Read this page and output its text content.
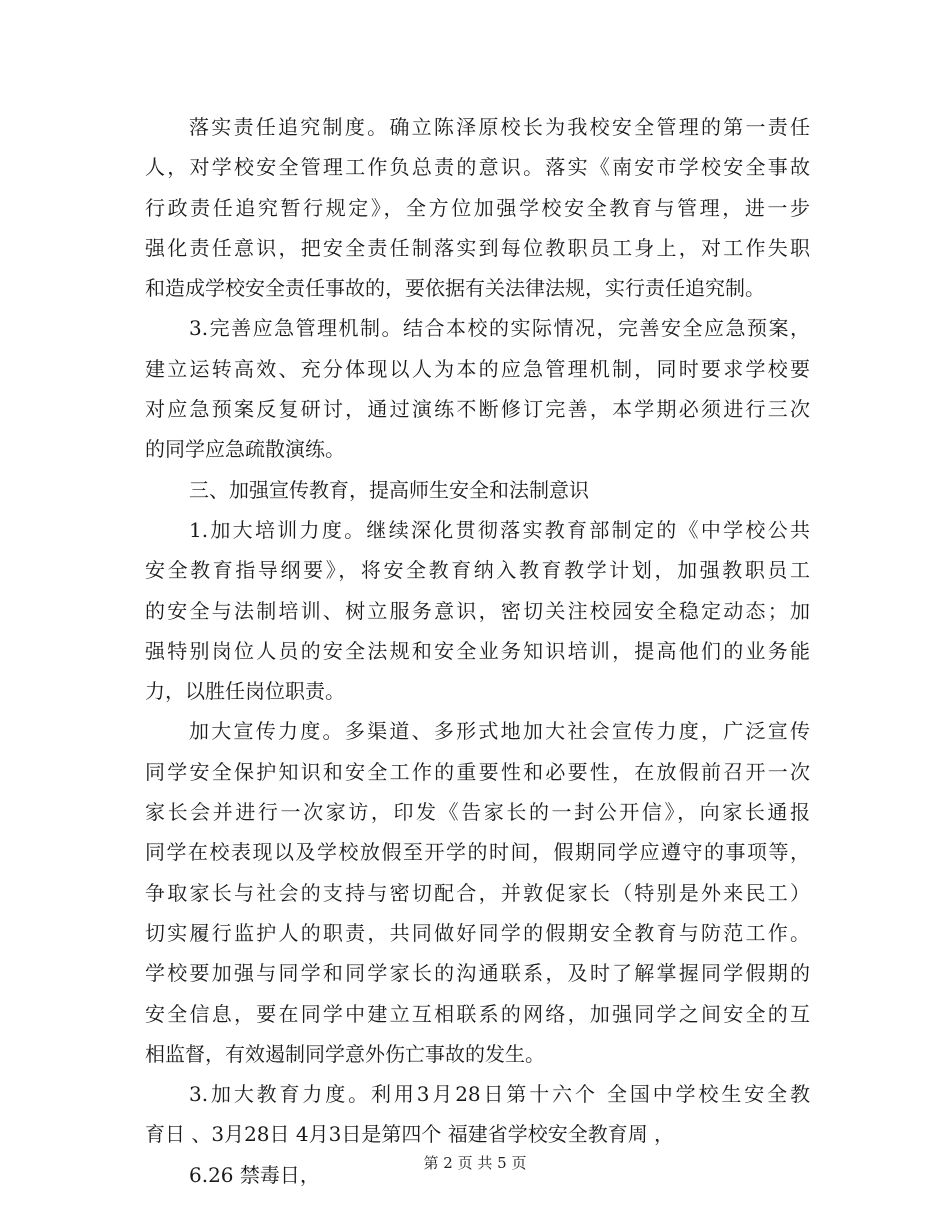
落实责任追究制度。确立陈泽原校长为我校安全管理的第一责任
人，对学校安全管理工作负总责的意识。落实《南安市学校安全事故
行政责任追究暂行规定》，全方位加强学校安全教育与管理，进一步
强化责任意识，把安全责任制落实到每位教职员工身上，对工作失职
和造成学校安全责任事故的，要依据有关法律法规，实行责任追究制。
3.完善应急管理机制。结合本校的实际情况，完善安全应急预案，
建立运转高效、充分体现以人为本的应急管理机制，同时要求学校要
对应急预案反复研讨，通过演练不断修订完善，本学期必须进行三次
的同学应急疏散演练。
三、加强宣传教育，提高师生安全和法制意识
1.加大培训力度。继续深化贯彻落实教育部制定的《中学校公共
安全教育指导纲要》，将安全教育纳入教育教学计划，加强教职员工
的安全与法制培训、树立服务意识，密切关注校园安全稳定动态；加
强特别岗位人员的安全法规和安全业务知识培训，提高他们的业务能
力，以胜任岗位职责。
加大宣传力度。多渠道、多形式地加大社会宣传力度，广泛宣传
同学安全保护知识和安全工作的重要性和必要性，在放假前召开一次
家长会并进行一次家访，印发《告家长的一封公开信》，向家长通报
同学在校表现以及学校放假至开学的时间，假期同学应遵守的事项等，
争取家长与社会的支持与密切配合，并敦促家长（特别是外来民工）
切实履行监护人的职责，共同做好同学的假期安全教育与防范工作。
学校要加强与同学和同学家长的沟通联系，及时了解掌握同学假期的
安全信息，要在同学中建立互相联系的网络，加强同学之间安全的互
相监督，有效遏制同学意外伤亡事故的发生。
3.加大教育力度。利用3月28日第十六个 全国中学校生安全教
育日 、3月28日 4月3日是第四个 福建省学校安全教育周 ，
6.26 禁毒日，	第 2 页 共 5 页
